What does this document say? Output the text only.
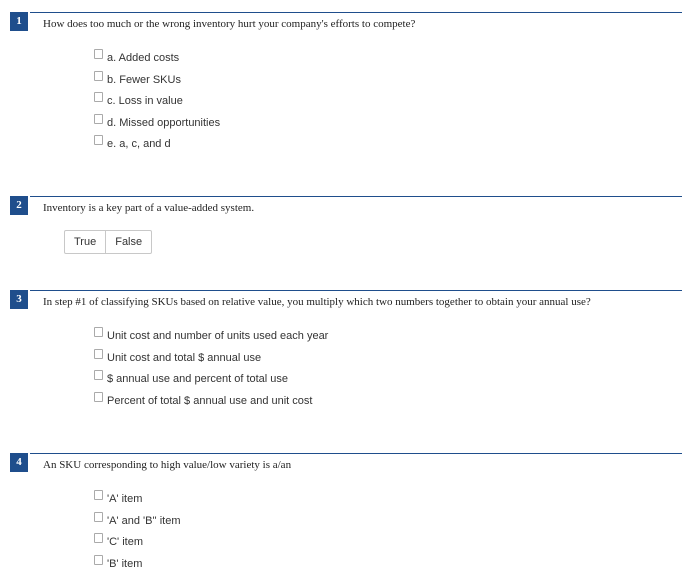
1	How does too much or the wrong inventory hurt your company's efforts to compete?
a. Added costs
b. Fewer SKUs
c. Loss in value
d. Missed opportunities
e. a, c, and d
2	Inventory is a key part of a value-added system.
True	False
3	In step #1 of classifying SKUs based on relative value, you multiply which two numbers together to obtain your annual use?
Unit cost and number of units used each year
Unit cost and total $ annual use
$ annual use and percent of total use
Percent of total $ annual use and unit cost
4	An SKU corresponding to high value/low variety is a/an
'A' item
'A' and 'B'' item
'C' item
'B' item
